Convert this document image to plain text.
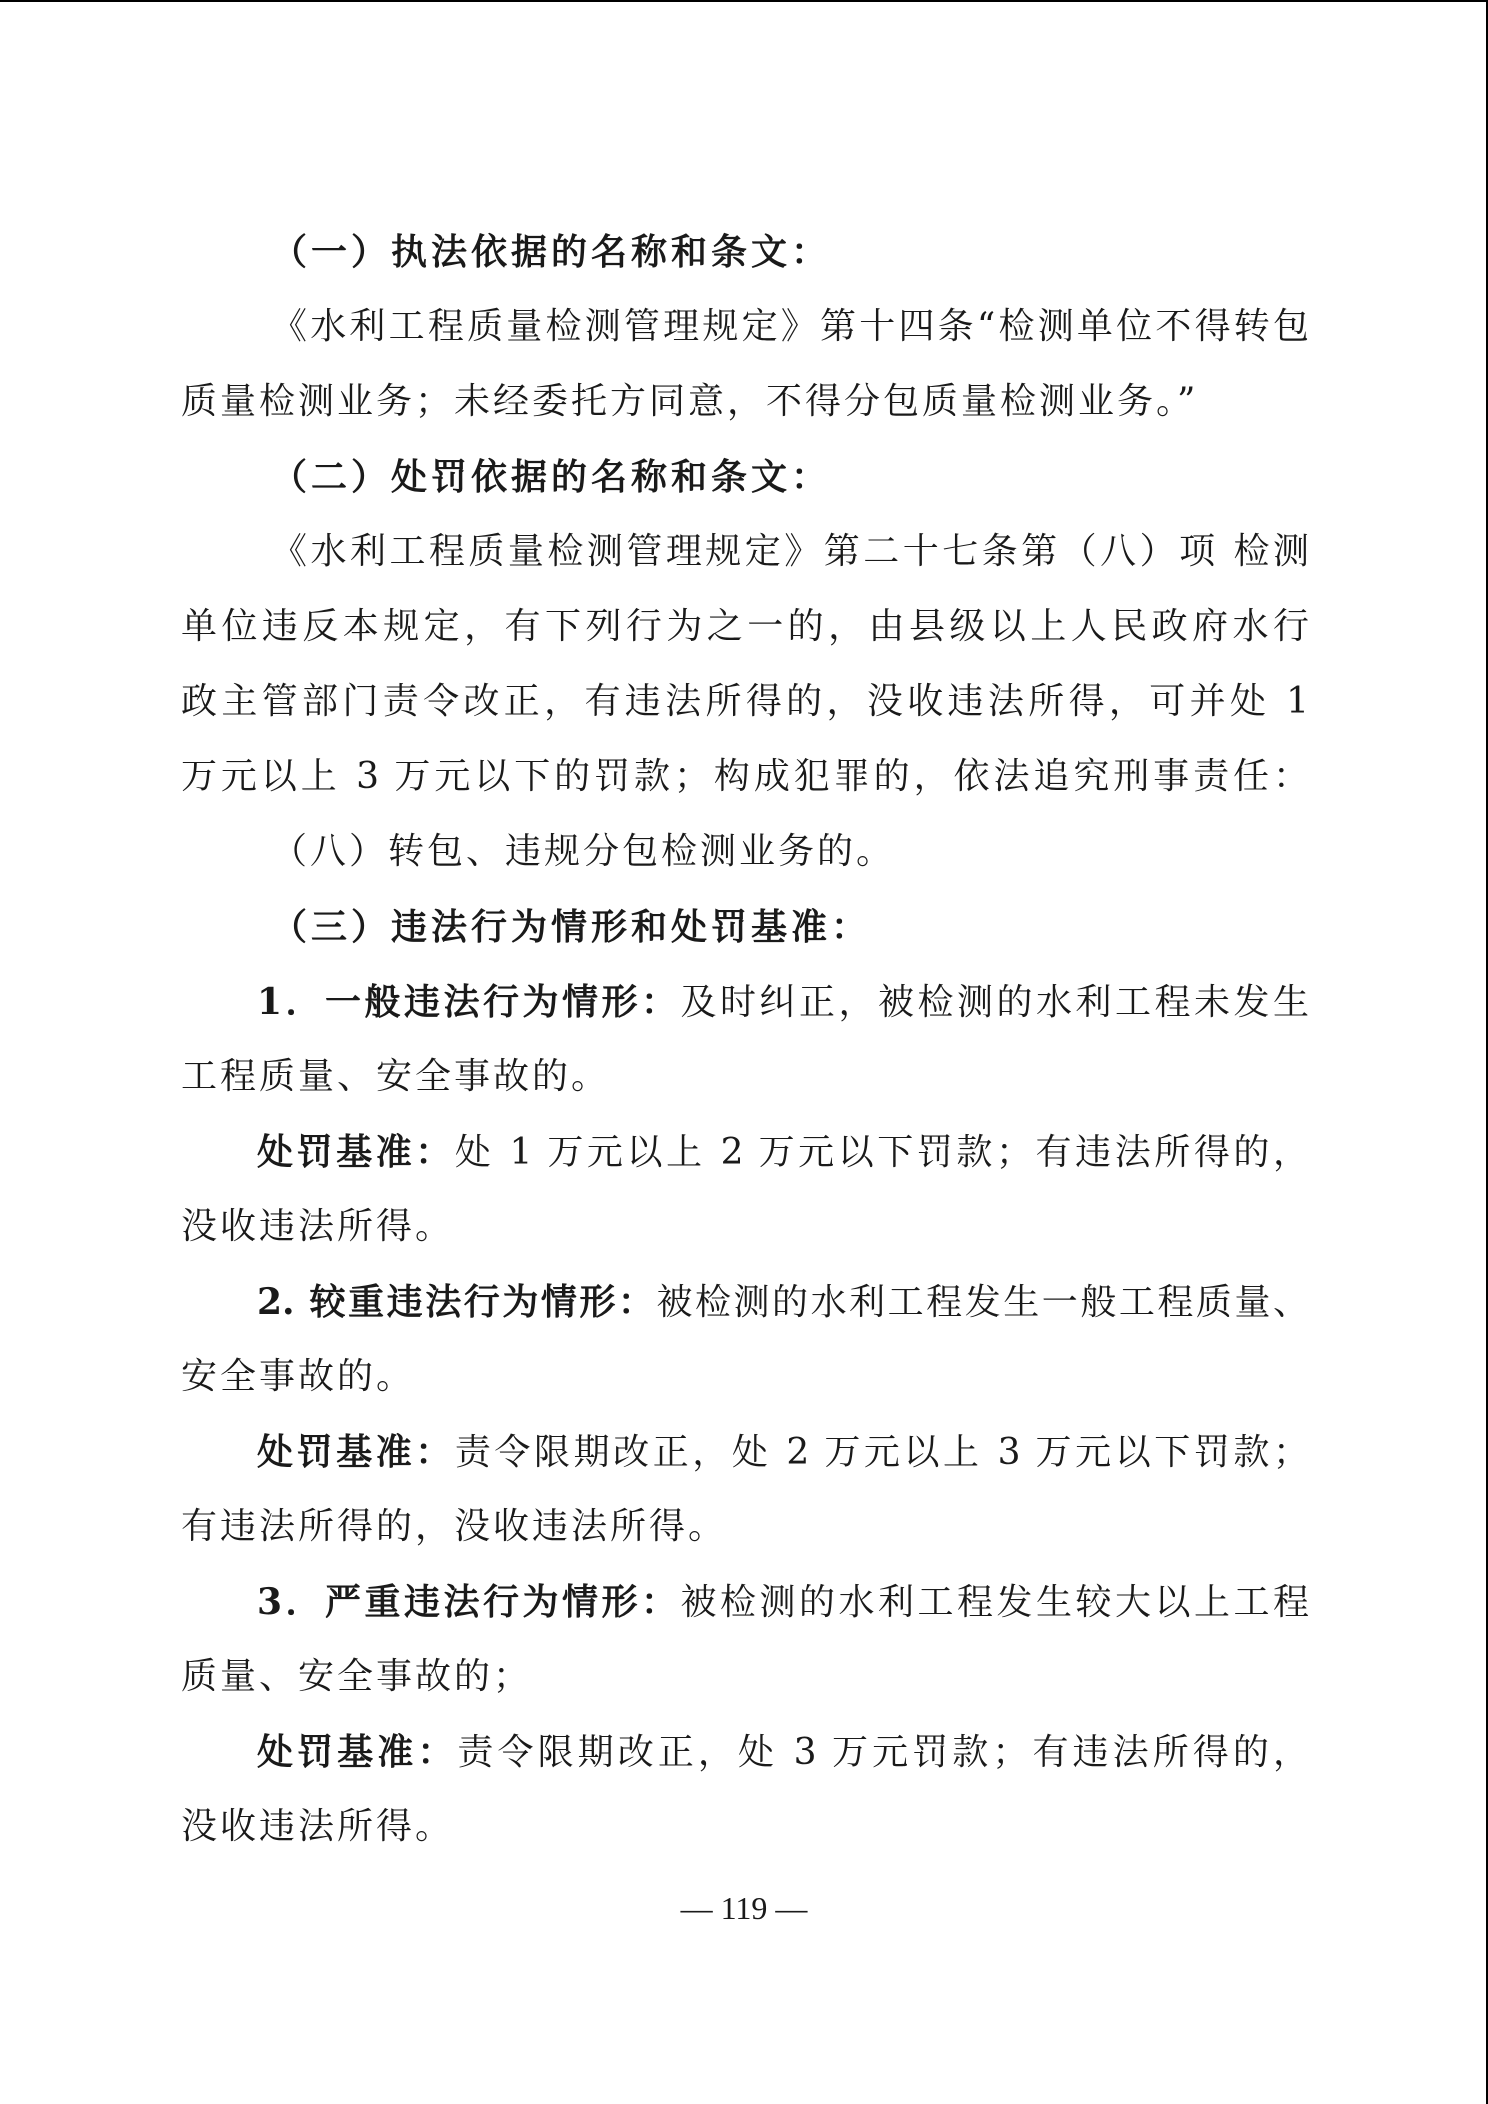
（一）执法依据的名称和条文：
《水利工程质量检测管理规定》第十四条“检测单位不得转包
质量检测业务；未经委托方同意，不得分包质量检测业务。”
（二）处罚依据的名称和条文：
《水利工程质量检测管理规定》第二十七条第（八）项 检测
单位违反本规定，有下列行为之一的，由县级以上人民政府水行
政主管部门责令改正，有违法所得的，没收违法所得，可并处 1
万元以上 3 万元以下的罚款；构成犯罪的，依法追究刑事责任：
（八）转包、违规分包检测业务的。
（三）违法行为情形和处罚基准：
1．一般违法行为情形：及时纠正，被检测的水利工程未发生
工程质量、安全事故的。
处罚基准：处 1 万元以上 2 万元以下罚款；有违法所得的，
没收违法所得。
2. 较重违法行为情形：被检测的水利工程发生一般工程质量、
安全事故的。
处罚基准：责令限期改正，处 2 万元以上 3 万元以下罚款；
有违法所得的，没收违法所得。
3．严重违法行为情形：被检测的水利工程发生较大以上工程
质量、安全事故的；
处罚基准：责令限期改正，处 3 万元罚款；有违法所得的，
没收违法所得。
— 119 —
